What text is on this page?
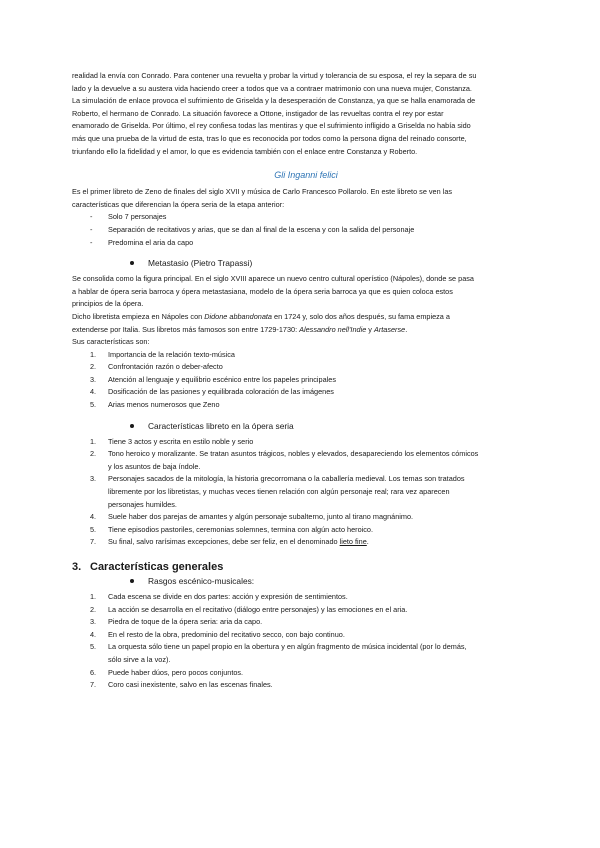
realidad la envía con Conrado. Para contener una revuelta y probar la virtud y tolerancia de su esposa, el rey la separa de su

lado y la devuelve a su austera vida haciendo creer a todos que va a contraer matrimonio con una nueva mujer, Constanza.

La simulación de enlace provoca el sufrimiento de Griselda y la desesperación de Constanza, ya que se halla enamorada de

Roberto, el hermano de Conrado. La situación favorece a Ottone, instigador de las revueltas contra el rey por estar

enamorado de Griselda. Por último, el rey confiesa todas las mentiras y que el sufrimiento infligido a Griselda no había sido

más que una prueba de la virtud de esta, tras lo que es reconocida por todos como la persona digna del reinado consorte,

triunfando ello la fidelidad y el amor, lo que es evidencia también con el enlace entre Constanza y Roberto.

Gli Inganni felici

Es el primer libreto de Zeno de finales del siglo XVII y música de Carlo Francesco Pollarolo. En este libreto se ven las

características que diferencian la ópera seria de la etapa anterior:

-	Solo 7 personajes
-	Separación de recitativos y arias, que se dan al final de la escena y con la salida del personaje
-	Predomina el aria da capo
Metastasio (Pietro Trapassi)

Se consolida como la figura principal. En el siglo XVIII aparece un nuevo centro cultural operístico (Nápoles), donde se pasa

a hablar de ópera seria barroca y ópera metastasiana, modelo de la ópera seria barroca ya que es quien coloca estos

principios de la ópera.

Dicho libretista empieza en Nápoles con Didone abbandonata en 1724 y, solo dos años después, su fama empieza a

extenderse por Italia. Sus libretos más famosos son entre 1729-1730: Alessandro nell'Indie y Artaserse.

Sus características son:

1.	Importancia de la relación texto-música
2.	Confrontación razón o deber-afecto
3.	Atención al lenguaje y equilibrio escénico entre los papeles principales
4.	Dosificación de las pasiones y equilibrada coloración de las imágenes
5.	Arias menos numerosos que Zeno
Características libreto en la ópera seria
1.	Tiene 3 actos y escrita en estilo noble y serio
2.	Tono heroico y moralizante. Se tratan asuntos trágicos, nobles y elevados, desapareciendo los elementos cómicos
y los asuntos de baja índole.
3.	Personajes sacados de la mitología, la historia grecorromana o la caballería medieval. Los temas son tratados
libremente por los libretistas, y muchas veces tienen relación con algún personaje real; rara vez aparecen
personajes humildes.
4.	Suele haber dos parejas de amantes y algún personaje subalterno, junto al tirano magnánimo.
5.	Tiene episodios pastoriles, ceremonias solemnes, termina con algún acto heroico.
7.	Su final, salvo rarísimas excepciones, debe ser feliz, en el denominado lieto fine.
3. Características generales
Rasgos escénico-musicales:
1.	Cada escena se divide en dos partes: acción y expresión de sentimientos.
2.	La acción se desarrolla en el recitativo (diálogo entre personajes) y las emociones en el aria.
3.	Piedra de toque de la ópera seria: aria da capo.
4.	En el resto de la obra, predominio del recitativo secco, con bajo continuo.
5.	La orquesta sólo tiene un papel propio en la obertura y en algún fragmento de música incidental (por lo demás,
sólo sirve a la voz).
6.	Puede haber dúos, pero pocos conjuntos.
7.	Coro casi inexistente, salvo en las escenas finales.
